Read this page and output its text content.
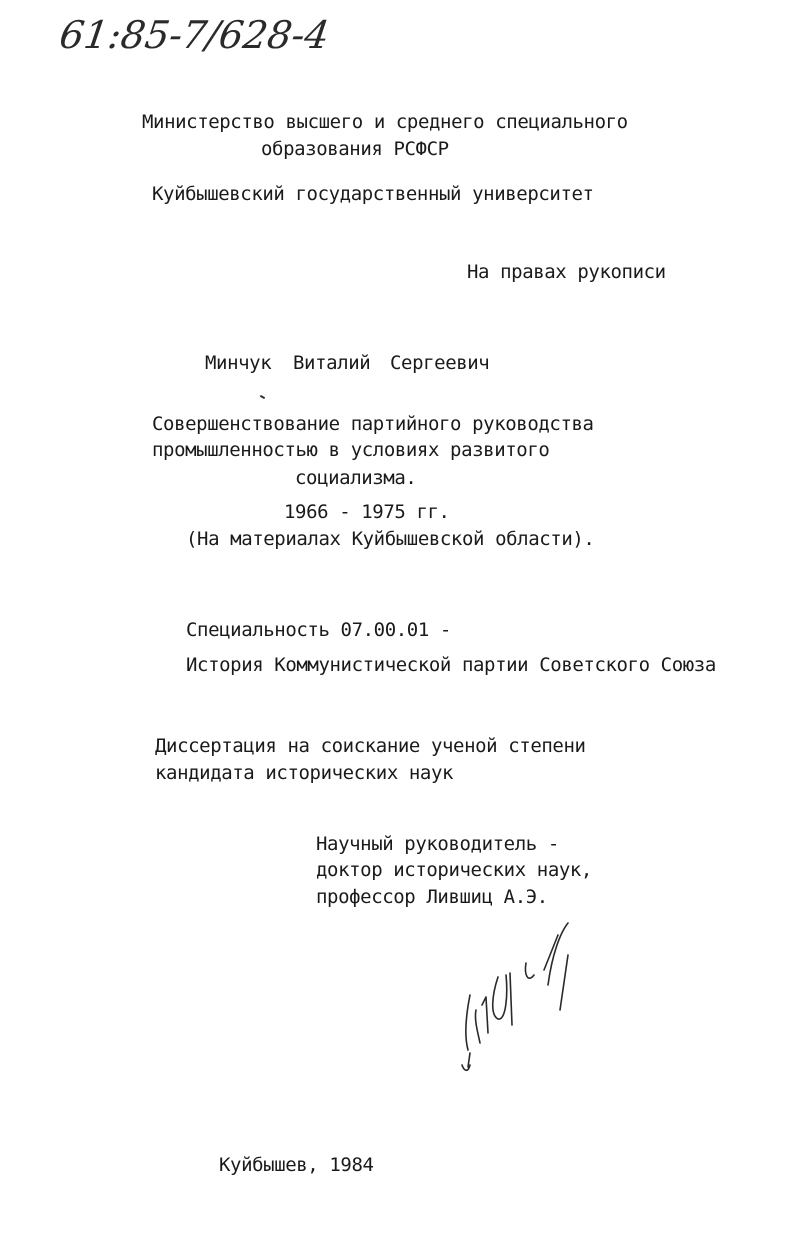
61:85-7/628-4
Министерство высшего и среднего специального
образования РСФСР
Куйбышевский государственный университет
На правах рукописи
Минчук Виталий Сергеевич
Совершенствование партийного руководства
промышленностью в условиях развитого
социализма.
1966 - 1975 гг.
(На материалах Куйбышевской области).
Специальность 07.00.01 -
История Коммунистической партии Советского Союза
Диссертация на соискание ученой степени
кандидата исторических наук
Научный руководитель -
доктор исторических наук,
профессор Лившиц А.Э.
Куйбышев, 1984
